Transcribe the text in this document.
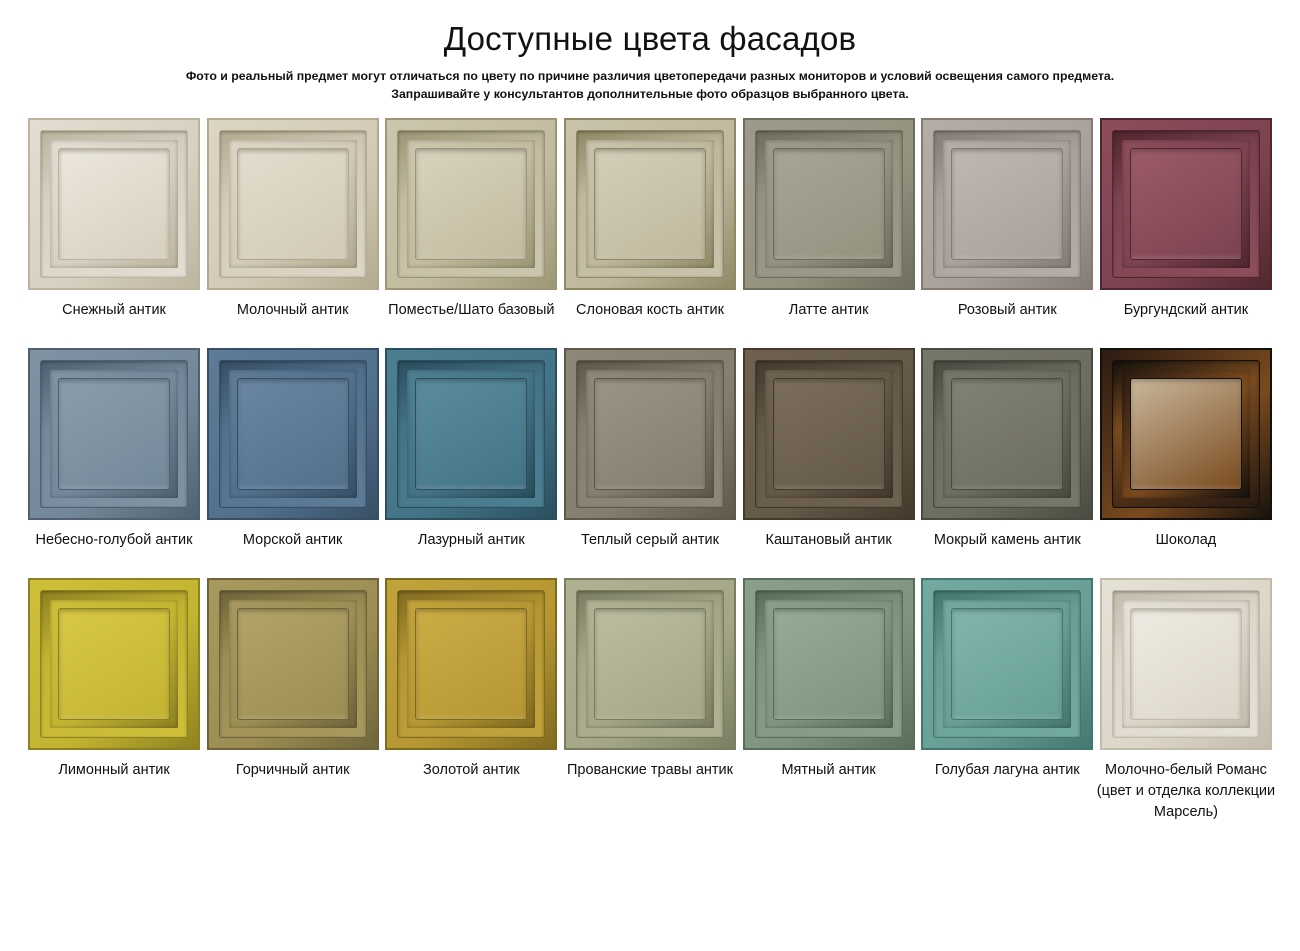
Доступные цвета фасадов
Фото и реальный предмет могут отличаться по цвету по причине различия цветопередачи разных мониторов и условий освещения самого предмета.
Запрашивайте у консультантов дополнительные фото образцов выбранного цвета.
Снежный антик	Молочный антик	Поместье/Шато базовый	Слоновая кость антик	Латте антик	Розовый антик	Бургундский антик
Небесно-голубой антик	Морской антик	Лазурный антик	Теплый серый антик	Каштановый антик	Мокрый камень антик	Шоколад
Лимонный антик	Горчичный антик	Золотой антик	Прованские травы антик	Мятный антик	Голубая лагуна антик	Молочно-белый Романс (цвет и отделка коллекции Марсель)
